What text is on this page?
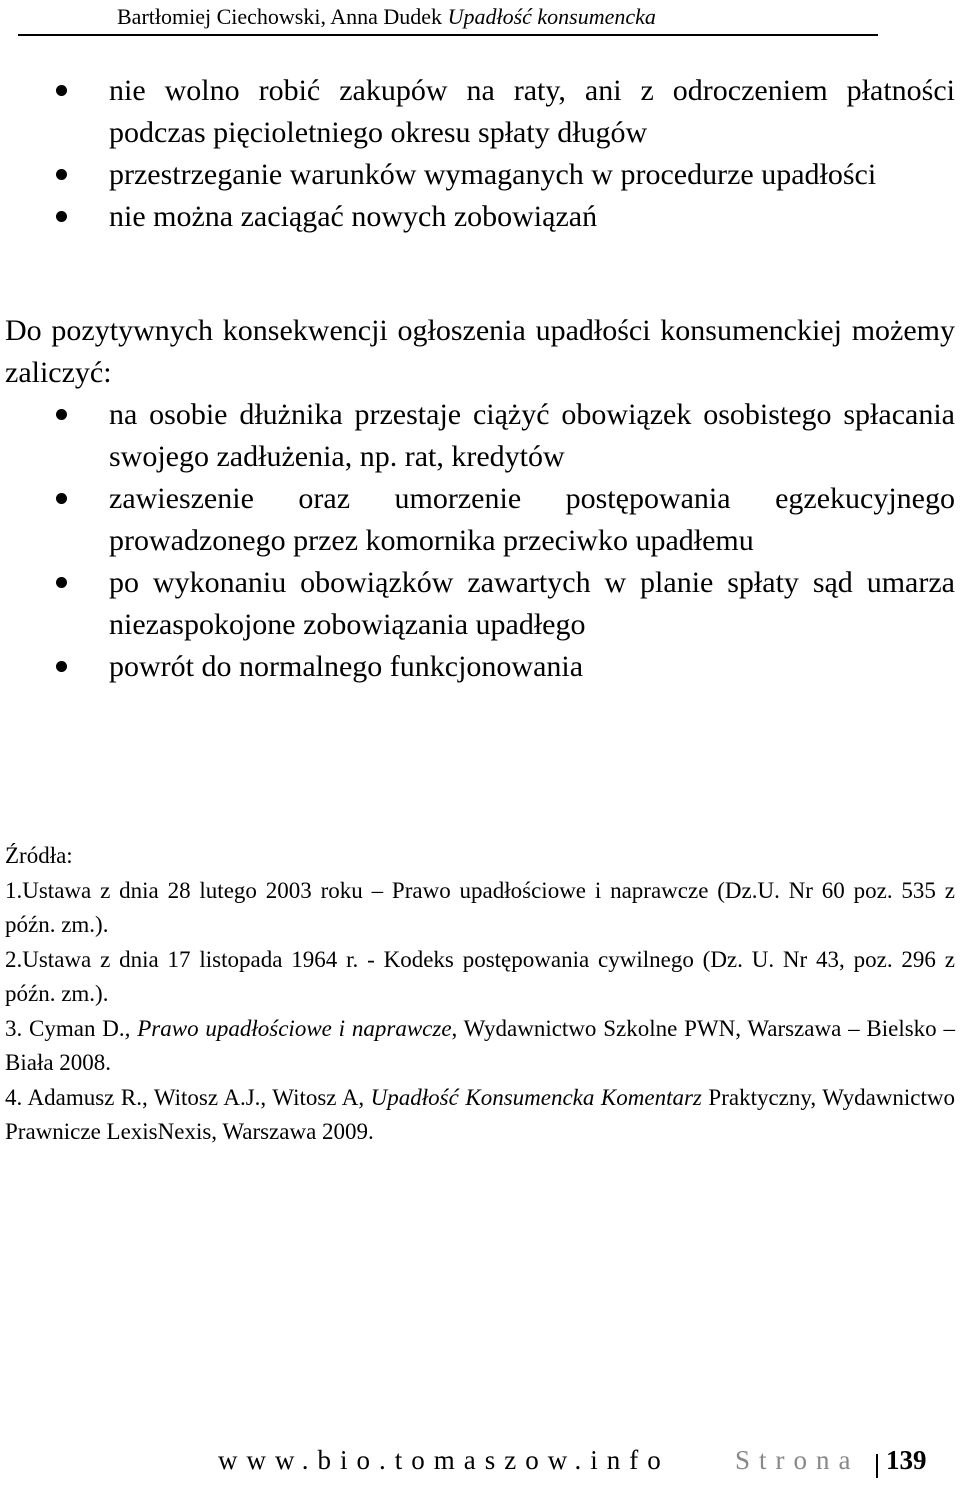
Bartłomiej Ciechowski, Anna Dudek Upadłość konsumencka
nie wolno robić zakupów na raty, ani z odroczeniem płatności podczas pięcioletniego okresu spłaty długów
przestrzeganie warunków wymaganych w procedurze upadłości
nie można zaciągać nowych zobowiązań

Do pozytywnych konsekwencji ogłoszenia upadłości konsumenckiej możemy zaliczyć:

na osobie dłużnika przestaje ciążyć obowiązek osobistego spłacania swojego zadłużenia, np. rat, kredytów
zawieszenie oraz umorzenie postępowania egzekucyjnego prowadzonego przez komornika przeciwko upadłemu
po wykonaniu obowiązków zawartych w planie spłaty sąd umarza niezaspokojone zobowiązania upadłego
powrót do normalnego funkcjonowania
Źródła:
1.Ustawa z dnia 28 lutego 2003 roku – Prawo upadłościowe i naprawcze (Dz.U. Nr 60 poz. 535 z późn. zm.).
2.Ustawa z dnia 17 listopada 1964 r. - Kodeks postępowania cywilnego (Dz. U. Nr 43, poz. 296 z późn. zm.).
3. Cyman D., Prawo upadłościowe i naprawcze, Wydawnictwo Szkolne PWN, Warszawa – Bielsko – Biała 2008.
4. Adamusz R., Witosz A.J., Witosz A, Upadłość Konsumencka Komentarz Praktyczny, Wydawnictwo Prawnicze LexisNexis, Warszawa 2009.
www.bio.tomaszow.info Strona 139
